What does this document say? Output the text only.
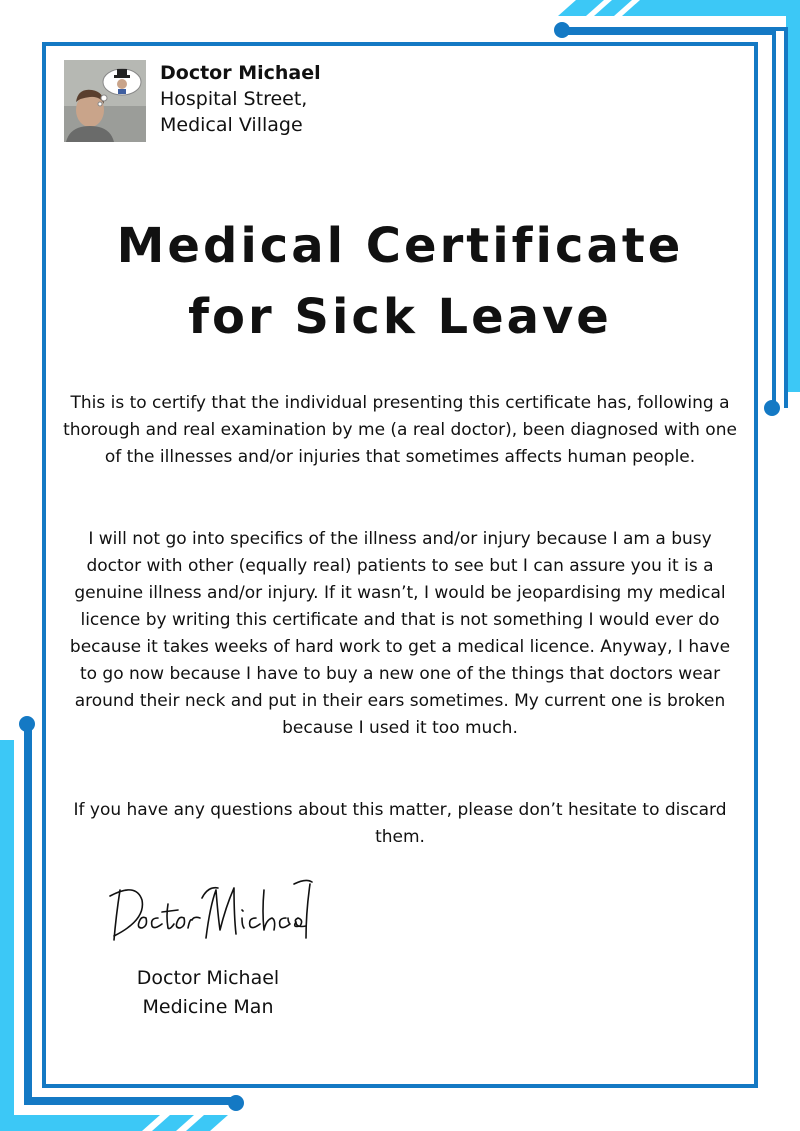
Doctor Michael
Hospital Street,
Medical Village
Medical Certificate
for Sick Leave

This is to certify that the individual presenting this certificate has, following a thorough and real examination by me (a real doctor), been diagnosed with one of the illnesses and/or injuries that sometimes affects human people.

I will not go into specifics of the illness and/or injury because I am a busy doctor with other (equally real) patients to see but I can assure you it is a genuine illness and/or injury. If it wasn’t, I would be jeopardising my medical licence by writing this certificate and that is not something I would ever do because it takes weeks of hard work to get a medical licence. Anyway, I have to go now because I have to buy a new one of the things that doctors wear around their neck and put in their ears sometimes. My current one is broken because I used it too much.

If you have any questions about this matter, please don’t hesitate to discard them.

Doctor Michael
Medicine Man
